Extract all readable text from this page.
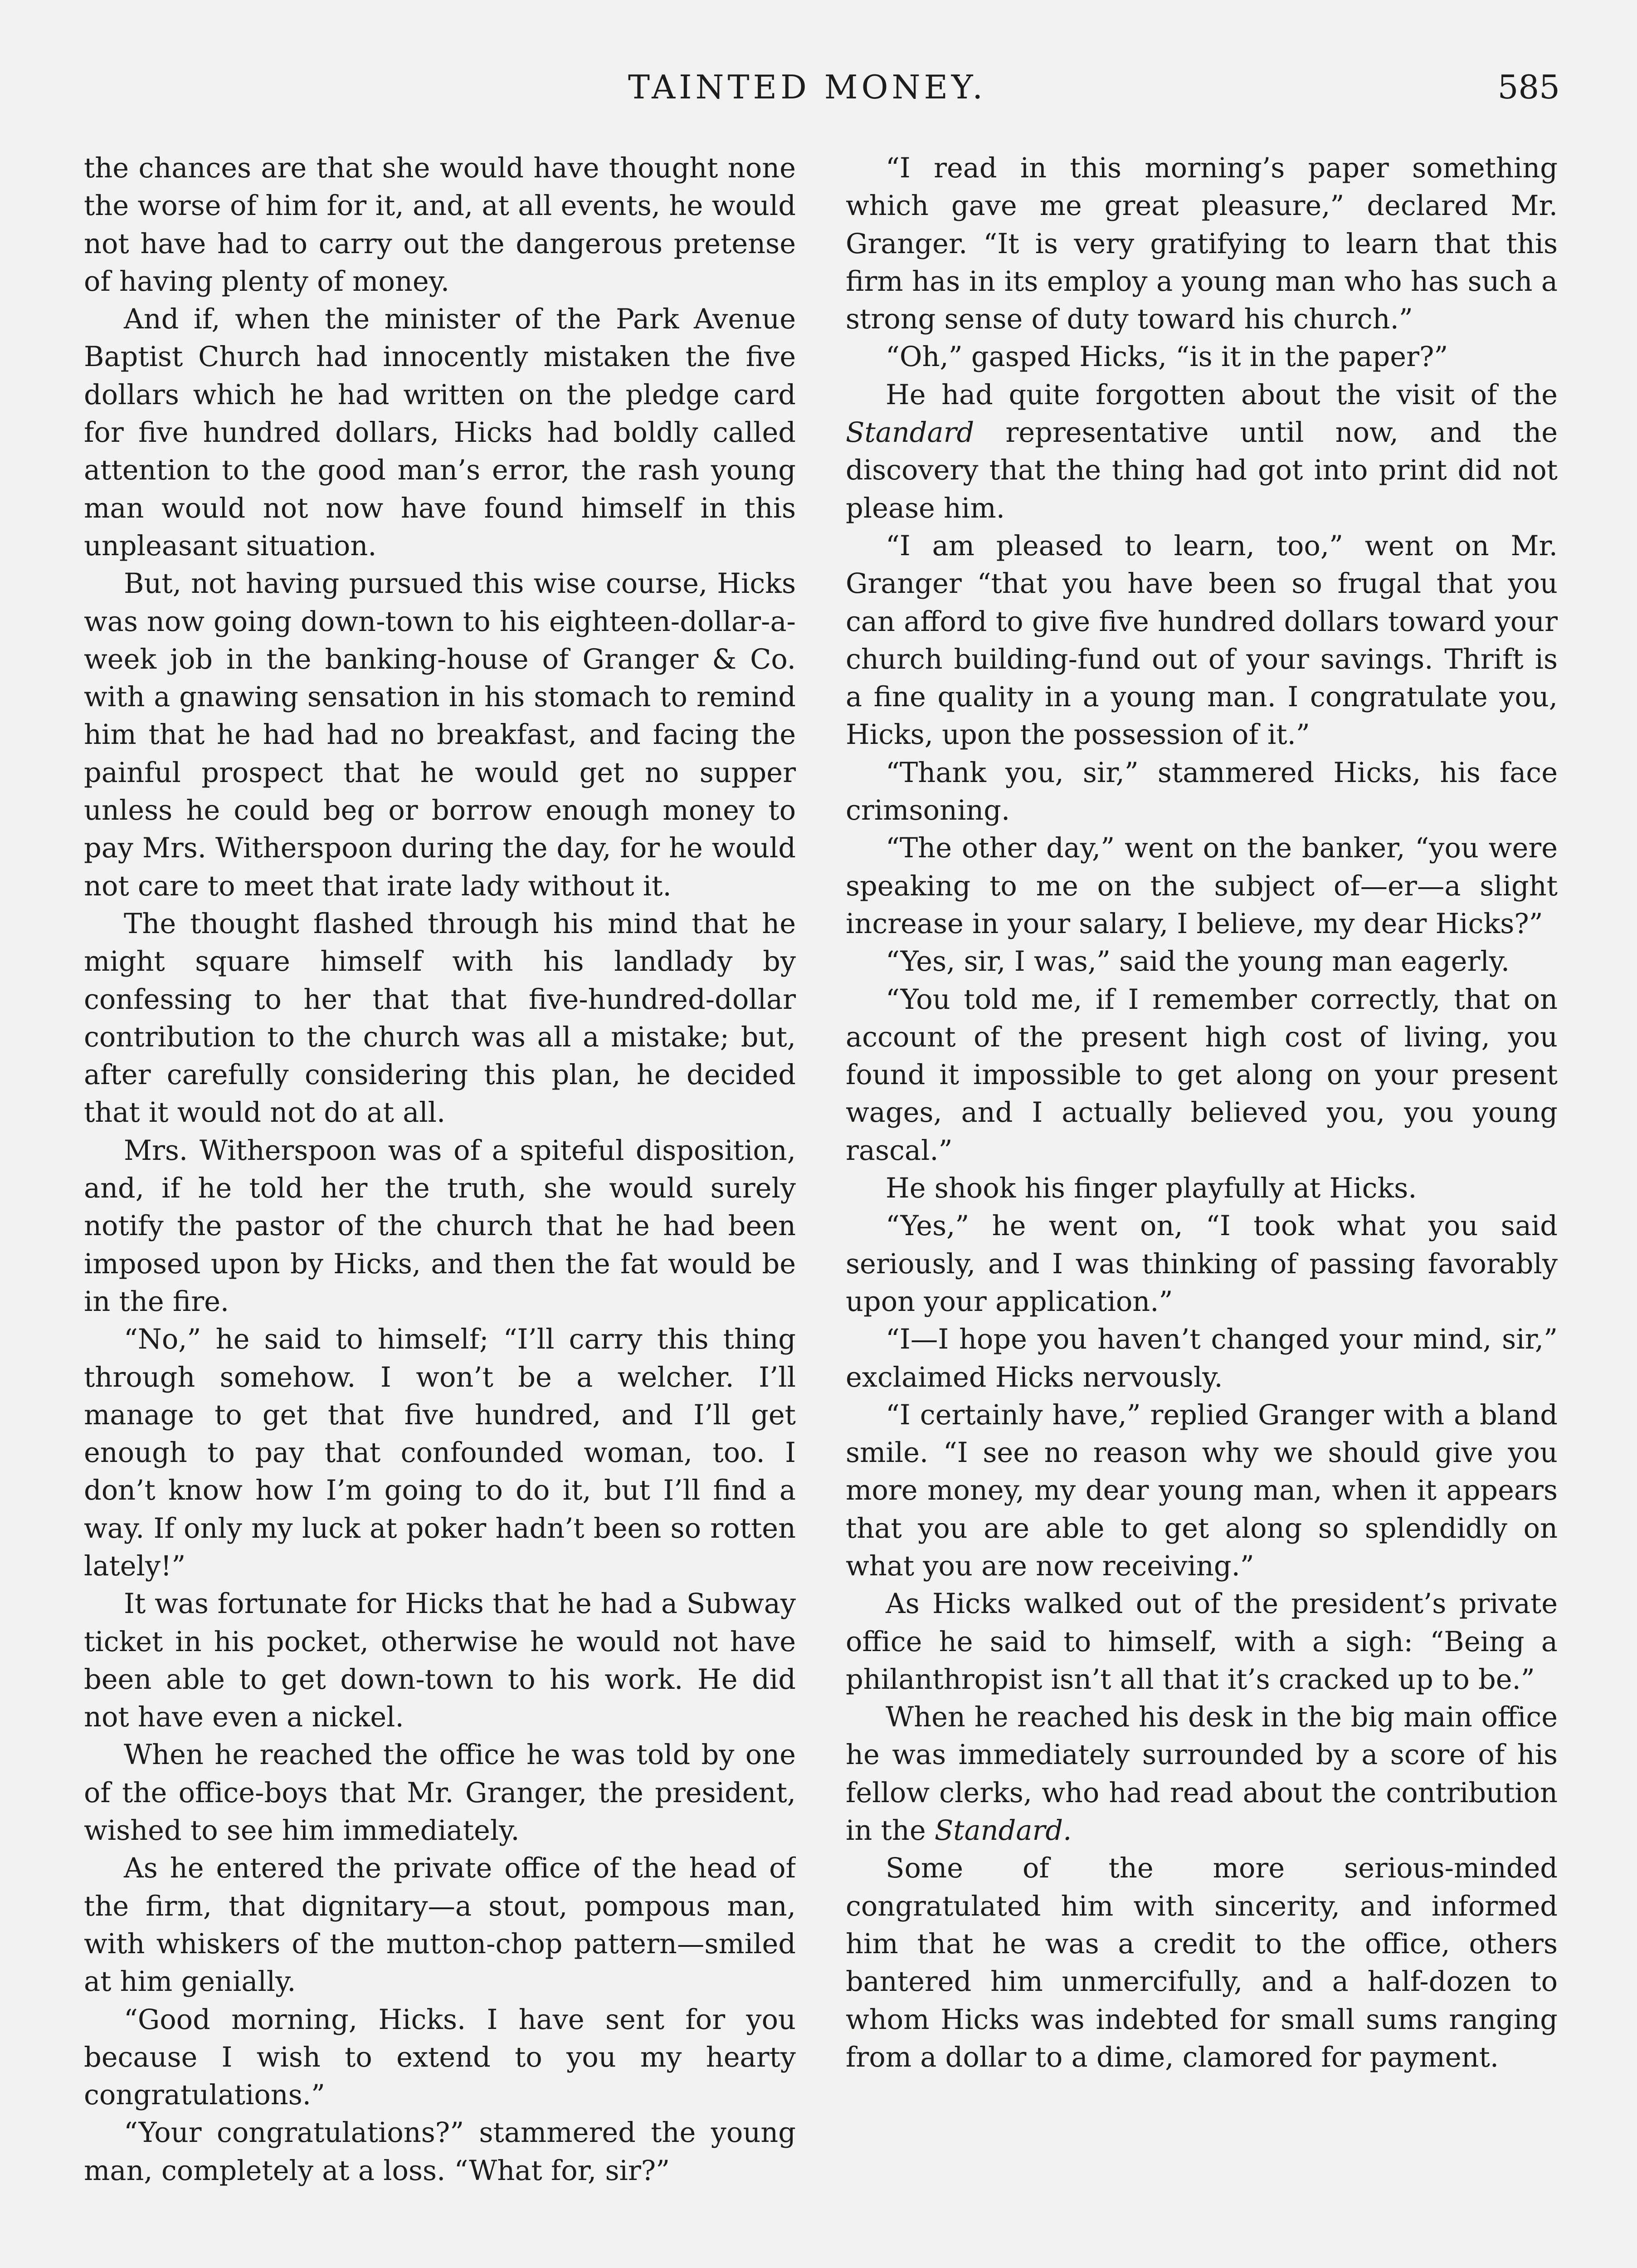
TAINTED MONEY.	585

the chances are that she would have thought none the worse of him for it, and, at all events, he would not have had to carry out the dangerous pretense of having plenty of money.

And if, when the minister of the Park Avenue Baptist Church had innocently mistaken the five dollars which he had written on the pledge card for five hundred dollars, Hicks had boldly called attention to the good man’s error, the rash young man would not now have found himself in this unpleasant situation.

But, not having pursued this wise course, Hicks was now going down-town to his eighteen-dollar-a-week job in the banking-house of Granger & Co. with a gnawing sensation in his stomach to remind him that he had had no breakfast, and facing the painful prospect that he would get no supper unless he could beg or borrow enough money to pay Mrs. Witherspoon during the day, for he would not care to meet that irate lady without it.

The thought flashed through his mind that he might square himself with his landlady by confessing to her that that five-hundred-dollar contribution to the church was all a mistake; but, after carefully considering this plan, he decided that it would not do at all.

Mrs. Witherspoon was of a spiteful disposition, and, if he told her the truth, she would surely notify the pastor of the church that he had been imposed upon by Hicks, and then the fat would be in the fire.

“No,” he said to himself; “I’ll carry this thing through somehow. I won’t be a welcher. I’ll manage to get that five hundred, and I’ll get enough to pay that confounded woman, too. I don’t know how I’m going to do it, but I’ll find a way. If only my luck at poker hadn’t been so rotten lately!”

It was fortunate for Hicks that he had a Subway ticket in his pocket, otherwise he would not have been able to get down-town to his work. He did not have even a nickel.

When he reached the office he was told by one of the office-boys that Mr. Granger, the president, wished to see him immediately.

As he entered the private office of the head of the firm, that dignitary—a stout, pompous man, with whiskers of the mutton-chop pattern—smiled at him genially.

“Good morning, Hicks. I have sent for you because I wish to extend to you my hearty congratulations.”

“Your congratulations?” stammered the young man, completely at a loss. “What for, sir?”

“I read in this morning’s paper something which gave me great pleasure,” declared Mr. Granger. “It is very gratifying to learn that this firm has in its employ a young man who has such a strong sense of duty toward his church.”

“Oh,” gasped Hicks, “is it in the paper?”

He had quite forgotten about the visit of the Standard representative until now, and the discovery that the thing had got into print did not please him.

“I am pleased to learn, too,” went on Mr. Granger “that you have been so frugal that you can afford to give five hundred dollars toward your church building-fund out of your savings. Thrift is a fine quality in a young man. I congratulate you, Hicks, upon the possession of it.”

“Thank you, sir,” stammered Hicks, his face crimsoning.

“The other day,” went on the banker, “you were speaking to me on the subject of—er—a slight increase in your salary, I believe, my dear Hicks?”

“Yes, sir, I was,” said the young man eagerly.

“You told me, if I remember correctly, that on account of the present high cost of living, you found it impossible to get along on your present wages, and I actually believed you, you young rascal.”

He shook his finger playfully at Hicks.

“Yes,” he went on, “I took what you said seriously, and I was thinking of passing favorably upon your application.”

“I—I hope you haven’t changed your mind, sir,” exclaimed Hicks nervously.

“I certainly have,” replied Granger with a bland smile. “I see no reason why we should give you more money, my dear young man, when it appears that you are able to get along so splendidly on what you are now receiving.”

As Hicks walked out of the president’s private office he said to himself, with a sigh: “Being a philanthropist isn’t all that it’s cracked up to be.”

When he reached his desk in the big main office he was immediately surrounded by a score of his fellow clerks, who had read about the contribution in the Standard.

Some of the more serious-minded congratulated him with sincerity, and informed him that he was a credit to the office, others bantered him unmercifully, and a half-dozen to whom Hicks was indebted for small sums ranging from a dollar to a dime, clamored for payment.
